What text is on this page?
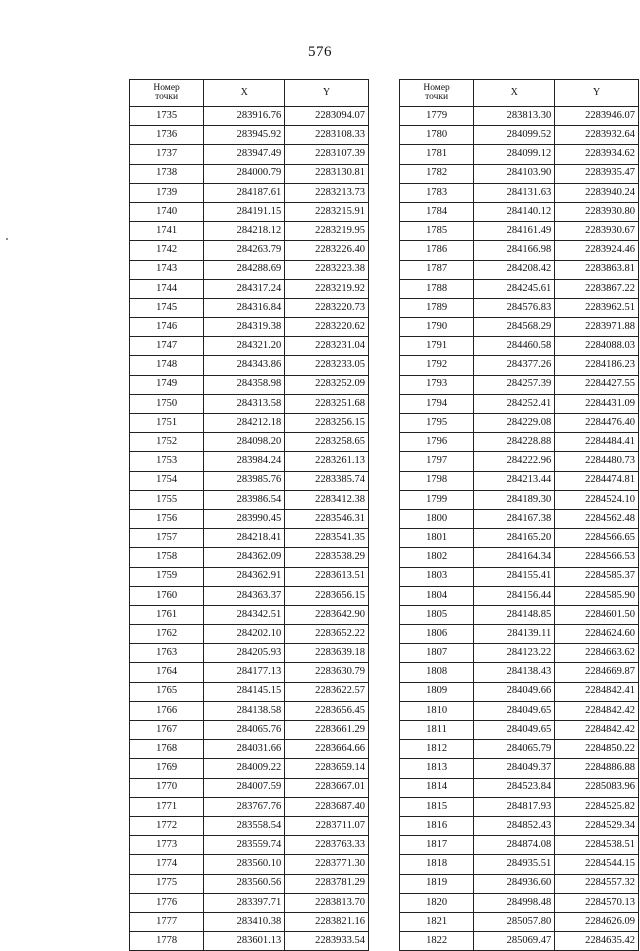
576
Номер
точки	X	Y
1735	283916.76	2283094.07
1736	283945.92	2283108.33
1737	283947.49	2283107.39
1738	284000.79	2283130.81
1739	284187.61	2283213.73
1740	284191.15	2283215.91
1741	284218.12	2283219.95
1742	284263.79	2283226.40
1743	284288.69	2283223.38
1744	284317.24	2283219.92
1745	284316.84	2283220.73
1746	284319.38	2283220.62
1747	284321.20	2283231.04
1748	284343.86	2283233.05
1749	284358.98	2283252.09
1750	284313.58	2283251.68
1751	284212.18	2283256.15
1752	284098.20	2283258.65
1753	283984.24	2283261.13
1754	283985.76	2283385.74
1755	283986.54	2283412.38
1756	283990.45	2283546.31
1757	284218.41	2283541.35
1758	284362.09	2283538.29
1759	284362.91	2283613.51
1760	284363.37	2283656.15
1761	284342.51	2283642.90
1762	284202.10	2283652.22
1763	284205.93	2283639.18
1764	284177.13	2283630.79
1765	284145.15	2283622.57
1766	284138.58	2283656.45
1767	284065.76	2283661.29
1768	284031.66	2283664.66
1769	284009.22	2283659.14
1770	284007.59	2283667.01
1771	283767.76	2283687.40
1772	283558.54	2283711.07
1773	283559.74	2283763.33
1774	283560.10	2283771.30
1775	283560.56	2283781.29
1776	283397.71	2283813.70
1777	283410.38	2283821.16
1778	283601.13	2283933.54
Номер
точки	X	Y
1779	283813.30	2283946.07
1780	284099.52	2283932.64
1781	284099.12	2283934.62
1782	284103.90	2283935.47
1783	284131.63	2283940.24
1784	284140.12	2283930.80
1785	284161.49	2283930.67
1786	284166.98	2283924.46
1787	284208.42	2283863.81
1788	284245.61	2283867.22
1789	284576.83	2283962.51
1790	284568.29	2283971.88
1791	284460.58	2284088.03
1792	284377.26	2284186.23
1793	284257.39	2284427.55
1794	284252.41	2284431.09
1795	284229.08	2284476.40
1796	284228.88	2284484.41
1797	284222.96	2284480.73
1798	284213.44	2284474.81
1799	284189.30	2284524.10
1800	284167.38	2284562.48
1801	284165.20	2284566.65
1802	284164.34	2284566.53
1803	284155.41	2284585.37
1804	284156.44	2284585.90
1805	284148.85	2284601.50
1806	284139.11	2284624.60
1807	284123.22	2284663.62
1808	284138.43	2284669.87
1809	284049.66	2284842.41
1810	284049.65	2284842.42
1811	284049.65	2284842.42
1812	284065.79	2284850.22
1813	284049.37	2284886.88
1814	284523.84	2285083.96
1815	284817.93	2284525.82
1816	284852.43	2284529.34
1817	284874.08	2284538.51
1818	284935.51	2284544.15
1819	284936.60	2284557.32
1820	284998.48	2284570.13
1821	285057.80	2284626.09
1822	285069.47	2284635.42
